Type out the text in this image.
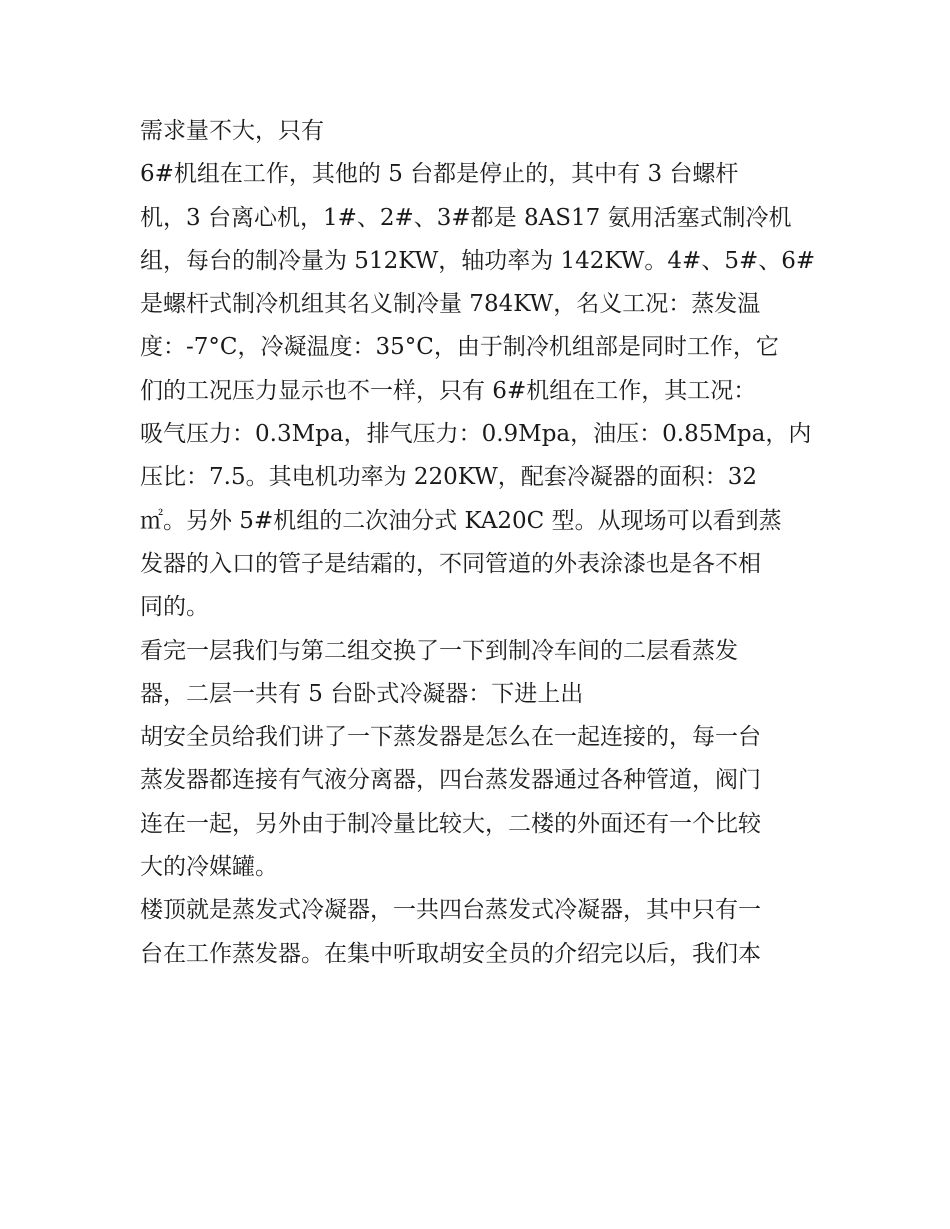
需求量不大，只有
6#机组在工作，其他的 5 台都是停止的，其中有 3 台螺杆
机，3 台离心机，1#、2#、3#都是 8AS17 氨用活塞式制冷机
组，每台的制冷量为 512KW，轴功率为 142KW。4#、5#、6#
是螺杆式制冷机组其名义制冷量 784KW，名义工况：蒸发温
度：-7°C，冷凝温度：35°C，由于制冷机组部是同时工作，它
们的工况压力显示也不一样，只有 6#机组在工作，其工况：
吸气压力：0.3Mpa，排气压力：0.9Mpa，油压：0.85Mpa，内
压比：7.5。其电机功率为 220KW，配套冷凝器的面积：32
㎡。另外 5#机组的二次油分式 KA20C 型。从现场可以看到蒸
发器的入口的管子是结霜的，不同管道的外表涂漆也是各不相
同的。
看完一层我们与第二组交换了一下到制冷车间的二层看蒸发
器，二层一共有 5 台卧式冷凝器：下进上出
胡安全员给我们讲了一下蒸发器是怎么在一起连接的，每一台
蒸发器都连接有气液分离器，四台蒸发器通过各种管道，阀门
连在一起，另外由于制冷量比较大，二楼的外面还有一个比较
大的冷媒罐。
楼顶就是蒸发式冷凝器，一共四台蒸发式冷凝器，其中只有一
台在工作蒸发器。在集中听取胡安全员的介绍完以后，我们本
